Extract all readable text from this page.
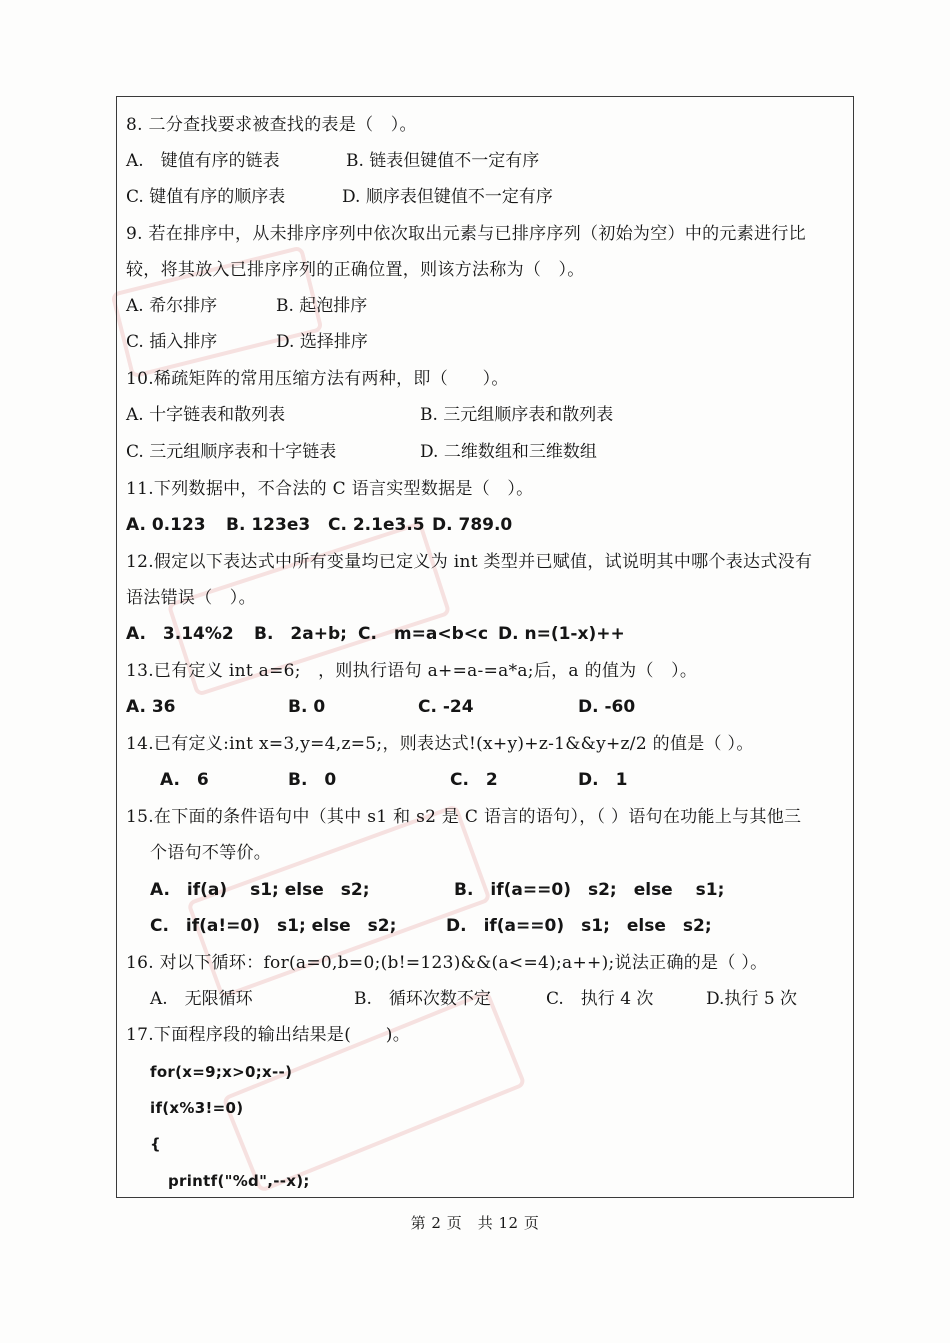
8. 二分查找要求被查找的表是（　）。
A.　键值有序的链表	B. 链表但键值不一定有序
C. 键值有序的顺序表	D. 顺序表但键值不一定有序
9. 若在排序中，从未排序序列中依次取出元素与已排序序列（初始为空）中的元素进行比
较，将其放入已排序序列的正确位置，则该方法称为（　）。
A. 希尔排序	B. 起泡排序
C. 插入排序	D. 选择排序
10.稀疏矩阵的常用压缩方法有两种，即（　　）。
A. 十字链表和散列表	B. 三元组顺序表和散列表
C. 三元组顺序表和十字链表	D. 二维数组和三维数组
11.下列数据中，不合法的 C 语言实型数据是（　）。
A. 0.123 B. 123e3 C. 2.1e3.5 D. 789.0
12.假定以下表达式中所有变量均已定义为 int 类型并已赋值，试说明其中哪个表达式没有
语法错误（　）。
A.　3.14%2 B.　2a+b; C.　m=a<b<c D. n=(1-x)++
13.已有定义 int a=6;　，则执行语句 a+=a-=a*a;后，a 的值为（　）。
A. 36	B. 0	C. -24	D. -60
14.已有定义:int x=3,y=4,z=5;，则表达式!(x+y)+z-1&&y+z/2 的值是（ ）。
A.　6	B.　0	C.　2	D.　1
15.在下面的条件语句中（其中 s1 和 s2 是 C 语言的语句），（ ）语句在功能上与其他三
个语句不等价。
A.　if(a)　 s1; else　s2;	B.　if(a==0)　s2;　else　 s1;
C.　if(a!=0)　s1; else　s2;	D.　if(a==0)　s1;　else　s2;
16. 对以下循环：for(a=0,b=0;(b!=123)&&(a<=4);a++);说法正确的是（ ）。
A.　无限循环	B.　循环次数不定	C.　执行 4 次	D.执行 5 次
17.下面程序段的输出结果是(　　)。
for(x=9;x>0;x--)
if(x%3!=0)
{
printf("%d",--x);
第 2 页　共 12 页
